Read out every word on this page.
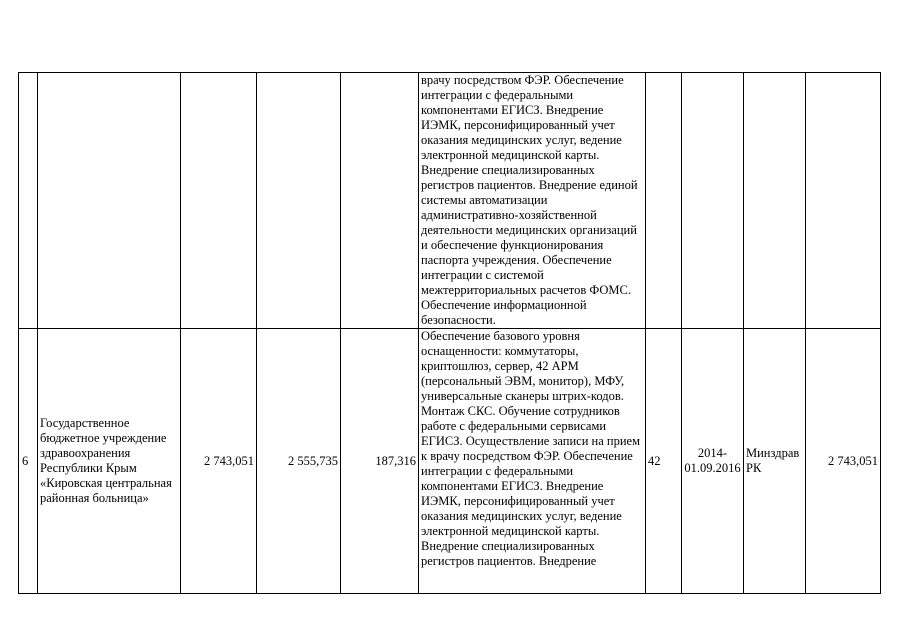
					врачу посредством ФЭР. Обеспечение интеграции с федеральными компонентами ЕГИСЗ. Внедрение ИЭМК, персонифицированный учет оказания медицинских услуг, ведение электронной медицинской карты. Внедрение специализированных регистров пациентов. Внедрение единой системы автоматизации административно-хозяйственной деятельности медицинских организаций и обеспечение функционирования паспорта учреждения. Обеспечение интеграции с системой межтерриториальных расчетов ФОМС. Обеспечение информационной безопасности.				

6	Государственное бюджетное учреждение здравоохранения Республики Крым «Кировская центральная районная больница»	2 743,051	2 555,735	187,316	Обеспечение базового уровня оснащенности: коммутаторы, криптошлюз, сервер, 42 АРМ (персональный ЭВМ, монитор), МФУ, универсальные сканеры штрих-кодов. Монтаж СКС. Обучение сотрудников работе с федеральными сервисами ЕГИСЗ. Осуществление записи на прием к врачу посредством ФЭР. Обеспечение интеграции с федеральными компонентами ЕГИСЗ. Внедрение ИЭМК, персонифицированный учет оказания медицинских услуг, ведение электронной медицинской карты. Внедрение специализированных регистров пациентов. Внедрение	42	2014-01.09.2016	Минздрав РК	2 743,051
